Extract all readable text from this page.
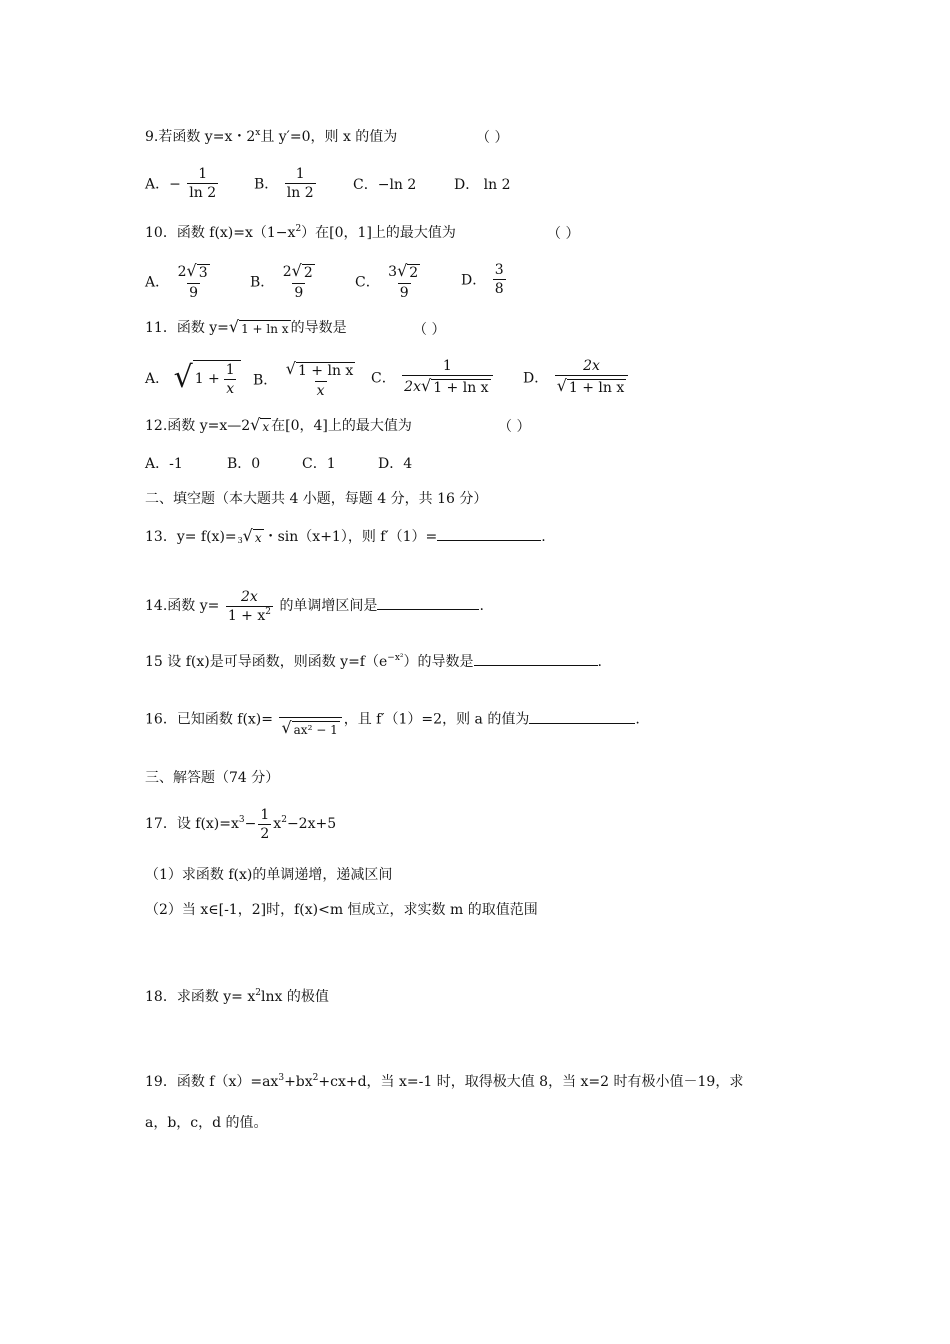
9.若函数 y=x・2$^x$且 y′=0，则 x 的值为	（ ）
A．− $\frac{1}{\ln 2}$	B． $\frac{1}{\ln 2}$	C．−ln 2	D． ln 2
10．函数 $f(x)=x(1-x^2)$在[0，1]上的最大值为	（ ）
A． $\frac{2 √ 3}{9}$	B． $\frac{2 √ 2}{9}$	C． $\frac{3 √ 2}{9}$	D． $\frac{3}{8}$
11．函数 y= √ 1 + ln x 的导数是	（ ）
A． √ $1 + \frac{1}{x}$ B． $\frac{\text{√ 1 + ln x}}{x}$ C． $\frac{1}{\text{2x √ 1 + ln x}}$ D． $\frac{2x}{\text{√ 1 + ln x}}$
12.函数 y=x—2 √ x 在[0，4]上的最大值为	（ ）
A．-1	B．0	C．1	D．4
二、填空题（本大题共 4 小题，每题 4 分，共 16 分）
13．y= f(x)= 3 √ x ・sin（x+1），则 f′（1）=	.
14.函数 $y= \frac{2x}{1 + x^2}$ 的单调增区间是	.
15 设 f(x)是可导函数，则函数 $y=f(e^{-x^2})$的导数是	.
16．已知函数 f(x)=
√ ax² − 1
，且 f′（1）=2，则 a 的值为	.
三、解答题（74 分）
17．设 $f(x)=x^3- \frac{1}{2} x^2-2x+5$
（1）求函数 f(x)的单调递增，递减区间
（2）当 x∈[-1，2]时，f(x)<m 恒成立，求实数 m 的取值范围
18．求函数 $y= x^2\ln x$ 的极值
19．函数 $f(x)=ax^3+bx^2+cx+d$，当 x=-1 时，取得极大值 8，当 x=2 时有极小值－19，求
a，b，c，d 的值。
